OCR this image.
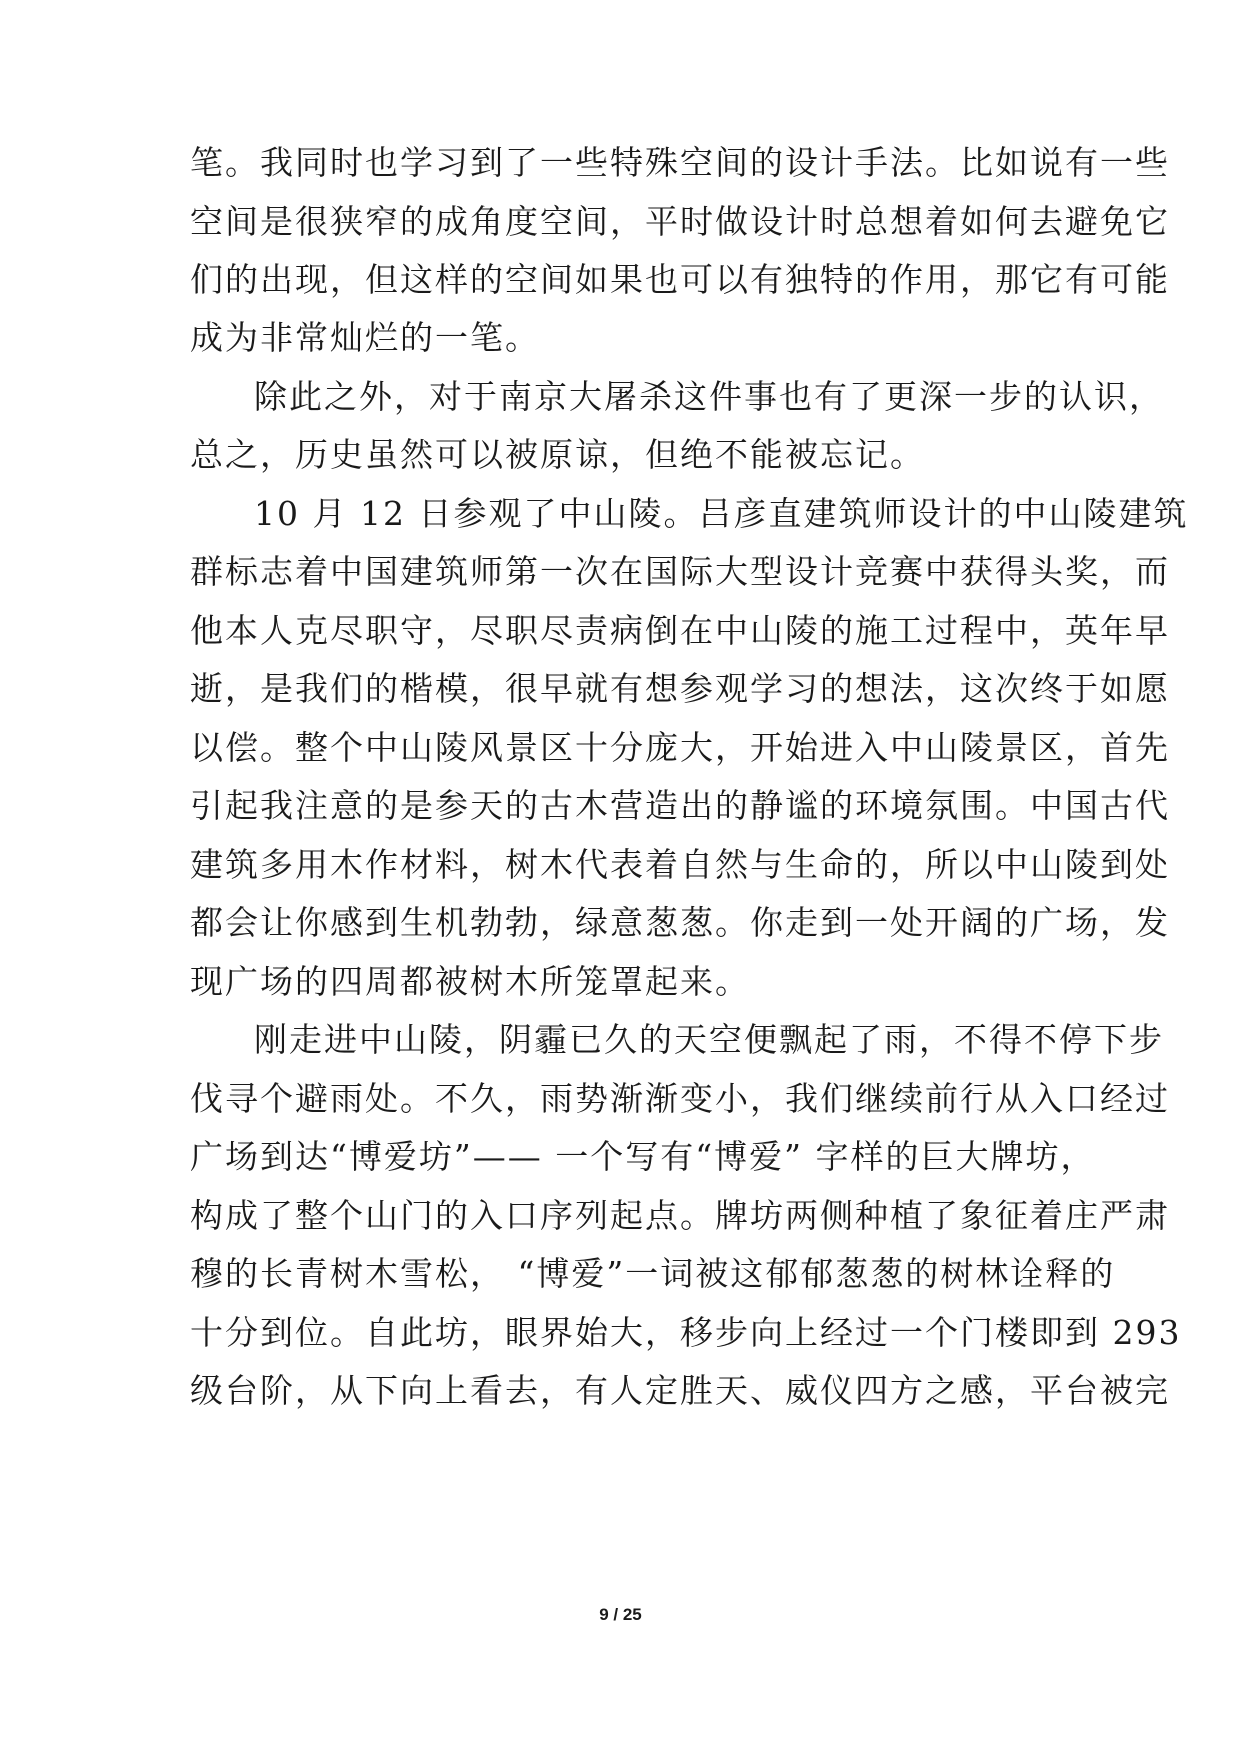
笔。我同时也学习到了一些特殊空间的设计手法。比如说有一些
空间是很狭窄的成角度空间，平时做设计时总想着如何去避免它
们的出现，但这样的空间如果也可以有独特的作用，那它有可能
成为非常灿烂的一笔。
除此之外，对于南京大屠杀这件事也有了更深一步的认识，
总之，历史虽然可以被原谅，但绝不能被忘记。
10 月 12 日参观了中山陵。吕彦直建筑师设计的中山陵建筑
群标志着中国建筑师第一次在国际大型设计竞赛中获得头奖，而
他本人克尽职守，尽职尽责病倒在中山陵的施工过程中，英年早
逝，是我们的楷模，很早就有想参观学习的想法，这次终于如愿
以偿。整个中山陵风景区十分庞大，开始进入中山陵景区，首先
引起我注意的是参天的古木营造出的静谧的环境氛围。中国古代
建筑多用木作材料，树木代表着自然与生命的，所以中山陵到处
都会让你感到生机勃勃，绿意葱葱。你走到一处开阔的广场，发
现广场的四周都被树木所笼罩起来。
刚走进中山陵，阴霾已久的天空便飘起了雨，不得不停下步
伐寻个避雨处。不久，雨势渐渐变小，我们继续前行从入口经过
广场到达“博爱坊”—— 一个写有“博爱” 字样的巨大牌坊，
构成了整个山门的入口序列起点。牌坊两侧种植了象征着庄严肃
穆的长青树木雪松， “博爱”一词被这郁郁葱葱的树林诠释的
十分到位。自此坊，眼界始大，移步向上经过一个门楼即到 293
级台阶，从下向上看去，有人定胜天、威仪四方之感，平台被完
9 / 25
